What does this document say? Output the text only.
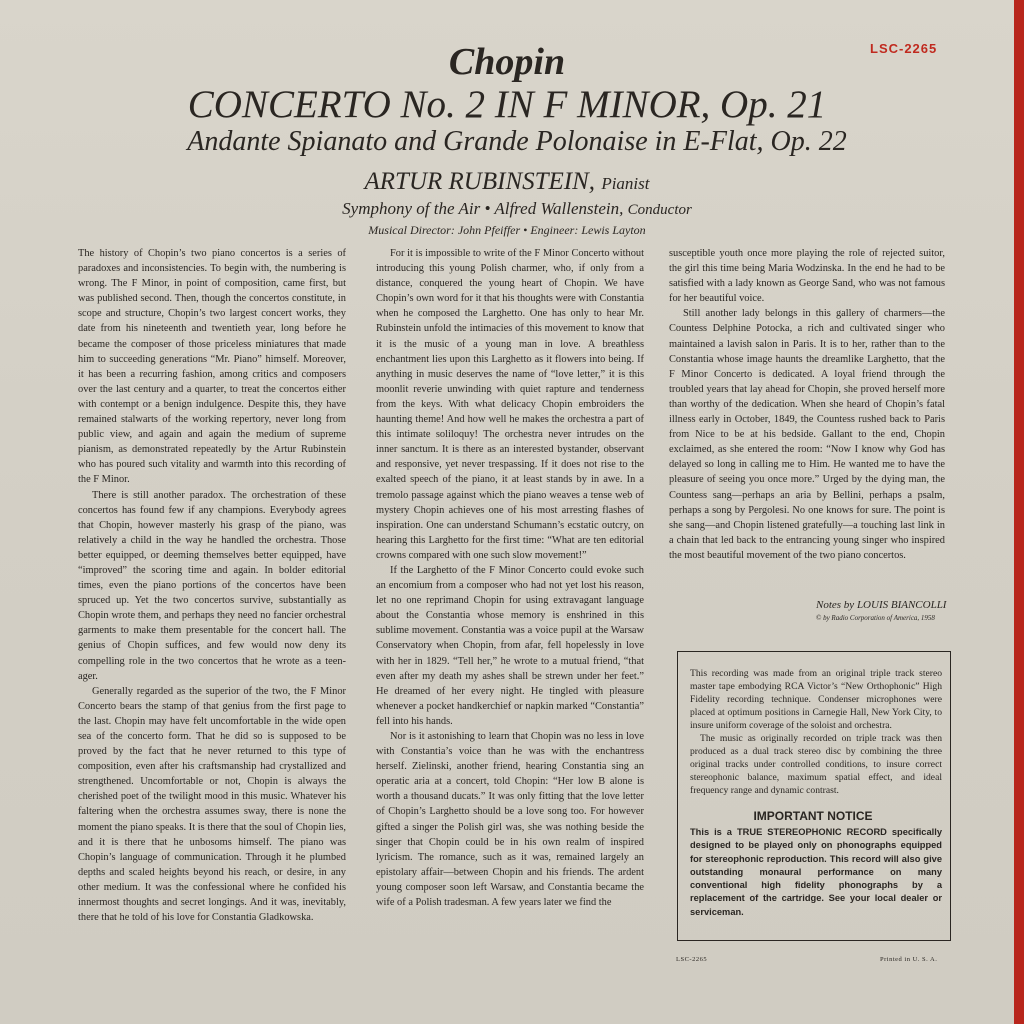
LSC-2265
Chopin
CONCERTO No. 2 IN F MINOR, Op. 21
Andante Spianato and Grande Polonaise in E-Flat, Op. 22
ARTUR RUBINSTEIN, Pianist
Symphony of the Air • Alfred Wallenstein, Conductor
Musical Director: John Pfeiffer • Engineer: Lewis Layton

The history of Chopin’s two piano concertos is a series of paradoxes and inconsistencies. To begin with, the numbering is wrong. The F Minor, in point of composition, came first, but was published second. Then, though the concertos constitute, in scope and structure, Chopin’s two largest concert works, they date from his nineteenth and twentieth year, long before he became the composer of those priceless miniatures that made him to succeeding generations “Mr. Piano” himself. Moreover, it has been a recurring fashion, among critics and composers over the last century and a quarter, to treat the concertos either with contempt or a benign indulgence. Despite this, they have remained stalwarts of the working repertory, never long from public view, and again and again the medium of supreme pianism, as demonstrated repeatedly by the Artur Rubinstein who has poured such vitality and warmth into this recording of the F Minor.

There is still another paradox. The orchestration of these concertos has found few if any champions. Everybody agrees that Chopin, however masterly his grasp of the piano, was relatively a child in the way he handled the orchestra. Those better equipped, or deeming themselves better equipped, have “improved” the scoring time and again. In bolder editorial times, even the piano portions of the concertos have been spruced up. Yet the two concertos survive, substantially as Chopin wrote them, and perhaps they need no fancier orchestral garments to make them presentable for the concert hall. The genius of Chopin suffices, and few would now deny its compelling role in the two concertos that he wrote as a teen-ager.

Generally regarded as the superior of the two, the F Minor Concerto bears the stamp of that genius from the first page to the last. Chopin may have felt uncomfortable in the wide open sea of the concerto form. That he did so is supposed to be proved by the fact that he never returned to this type of composition, even after his craftsmanship had crystallized and strengthened. Uncomfortable or not, Chopin is always the cherished poet of the twilight mood in this music. Whatever his faltering when the orchestra assumes sway, there is none the moment the piano speaks. It is there that the soul of Chopin lies, and it is there that he unbosoms himself. The piano was Chopin’s language of communication. Through it he plumbed depths and scaled heights beyond his reach, or desire, in any other medium. It was the confessional where he confided his innermost thoughts and secret longings. And it was, inevitably, there that he told of his love for Constantia Gladkowska.

For it is impossible to write of the F Minor Concerto without introducing this young Polish charmer, who, if only from a distance, conquered the young heart of Chopin. We have Chopin’s own word for it that his thoughts were with Constantia when he composed the Larghetto. One has only to hear Mr. Rubinstein unfold the intimacies of this movement to know that it is the music of a young man in love. A breathless enchantment lies upon this Larghetto as it flowers into being. If anything in music deserves the name of “love letter,” it is this moonlit reverie unwinding with quiet rapture and tenderness from the keys. With what delicacy Chopin embroiders the haunting theme! And how well he makes the orchestra a part of this intimate soliloquy! The orchestra never intrudes on the inner sanctum. It is there as an interested bystander, observant and responsive, yet never trespassing. If it does not rise to the exalted speech of the piano, it at least stands by in awe. In a tremolo passage against which the piano weaves a tense web of mystery Chopin achieves one of his most arresting flashes of inspiration. One can understand Schumann’s ecstatic outcry, on hearing this Larghetto for the first time: “What are ten editorial crowns compared with one such slow movement!”

If the Larghetto of the F Minor Concerto could evoke such an encomium from a composer who had not yet lost his reason, let no one reprimand Chopin for using extravagant language about the Constantia whose memory is enshrined in this sublime movement. Constantia was a voice pupil at the Warsaw Conservatory when Chopin, from afar, fell hopelessly in love with her in 1829. “Tell her,” he wrote to a mutual friend, “that even after my death my ashes shall be strewn under her feet.” He dreamed of her every night. He tingled with pleasure whenever a pocket handkerchief or napkin marked “Constantia” fell into his hands.

Nor is it astonishing to learn that Chopin was no less in love with Constantia’s voice than he was with the enchantress herself. Zielinski, another friend, hearing Constantia sing an operatic aria at a concert, told Chopin: “Her low B alone is worth a thousand ducats.” It was only fitting that the love letter of Chopin’s Larghetto should be a love song too. For however gifted a singer the Polish girl was, she was nothing beside the singer that Chopin could be in his own realm of inspired lyricism. The romance, such as it was, remained largely an epistolary affair—between Chopin and his friends. The ardent young composer soon left Warsaw, and Constantia became the wife of a Polish tradesman. A few years later we find the

susceptible youth once more playing the role of rejected suitor, the girl this time being Maria Wodzinska. In the end he had to be satisfied with a lady known as George Sand, who was not famous for her beautiful voice.

Still another lady belongs in this gallery of charmers—the Countess Delphine Potocka, a rich and cultivated singer who maintained a lavish salon in Paris. It is to her, rather than to the Constantia whose image haunts the dreamlike Larghetto, that the F Minor Concerto is dedicated. A loyal friend through the troubled years that lay ahead for Chopin, she proved herself more than worthy of the dedication. When she heard of Chopin’s fatal illness early in October, 1849, the Countess rushed back to Paris from Nice to be at his bedside. Gallant to the end, Chopin exclaimed, as she entered the room: “Now I know why God has delayed so long in calling me to Him. He wanted me to have the pleasure of seeing you once more.” Urged by the dying man, the Countess sang—perhaps an aria by Bellini, perhaps a psalm, perhaps a song by Pergolesi. No one knows for sure. The point is she sang—and Chopin listened gratefully—a touching last link in a chain that led back to the entrancing young singer who inspired the most beautiful movement of the two piano concertos.

Notes by LOUIS BIANCOLLI
© by Radio Corporation of America, 1958

This recording was made from an original triple track stereo master tape embodying RCA Victor’s “New Orthophonic” High Fidelity recording technique. Condenser microphones were placed at optimum positions in Carnegie Hall, New York City, to insure uniform coverage of the soloist and orchestra.

The music as originally recorded on triple track was then produced as a dual track stereo disc by combining the three original tracks under controlled conditions, to insure correct stereophonic balance, maximum spatial effect, and ideal frequency range and dynamic contrast.

IMPORTANT NOTICE
This is a TRUE STEREOPHONIC RECORD specifically designed to be played only on phonographs equipped for stereophonic reproduction. This record will also give outstanding monaural performance on many conventional high fidelity phonographs by a replacement of the cartridge. See your local dealer or serviceman.
LSC-2265	Printed in U. S. A.
